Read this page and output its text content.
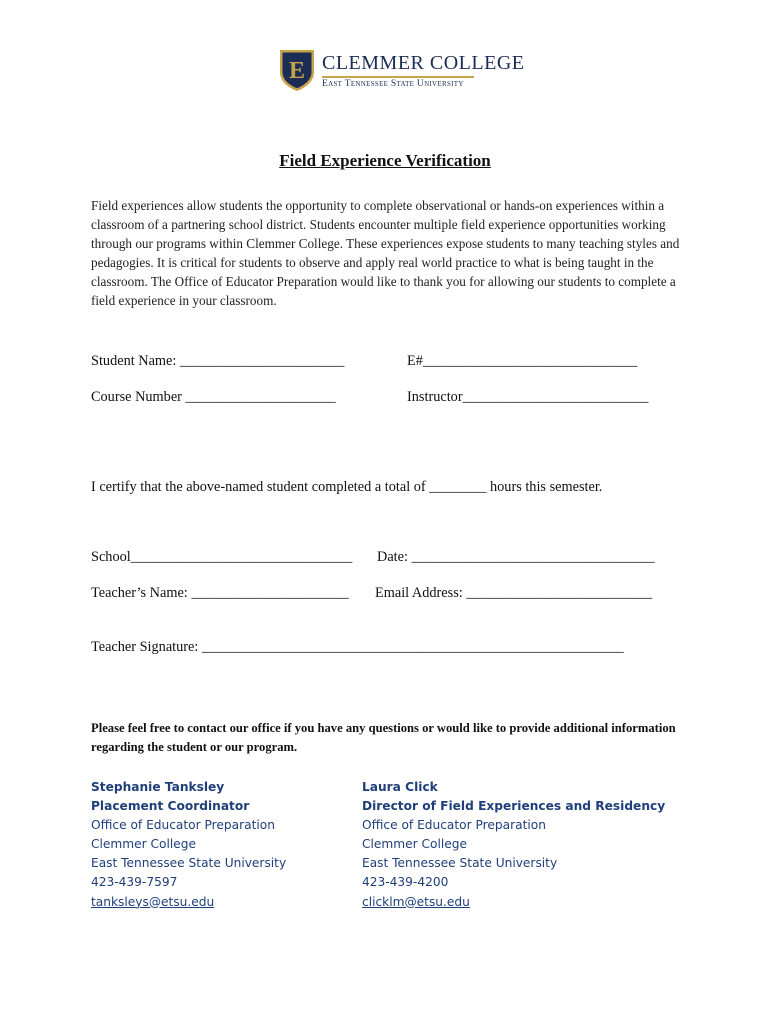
E CLEMMER COLLEGE
East Tennessee State University
Field Experience Verification
Field experiences allow students the opportunity to complete observational or hands-on experiences within a classroom of a partnering school district. Students encounter multiple field experience opportunities working through our programs within Clemmer College. These experiences expose students to many teaching styles and pedagogies. It is critical for students to observe and apply real world practice to what is being taught in the classroom. The Office of Educator Preparation would like to thank you for allowing our students to complete a field experience in your classroom.
Student Name: _______________________	E#______________________________
Course Number _____________________	Instructor__________________________
I certify that the above-named student completed a total of ________ hours this semester.
School_______________________________ Date: __________________________________
Teacher’s Name: ______________________ Email Address: __________________________
Teacher Signature: ___________________________________________________________
Please feel free to contact our office if you have any questions or would like to provide additional information regarding the student or our program.
Stephanie Tanksley
Placement Coordinator
Office of Educator Preparation
Clemmer College
East Tennessee State University
423-439-7597
tanksleys@etsu.edu
Laura Click
Director of Field Experiences and Residency
Office of Educator Preparation
Clemmer College
East Tennessee State University
423-439-4200
clicklm@etsu.edu
